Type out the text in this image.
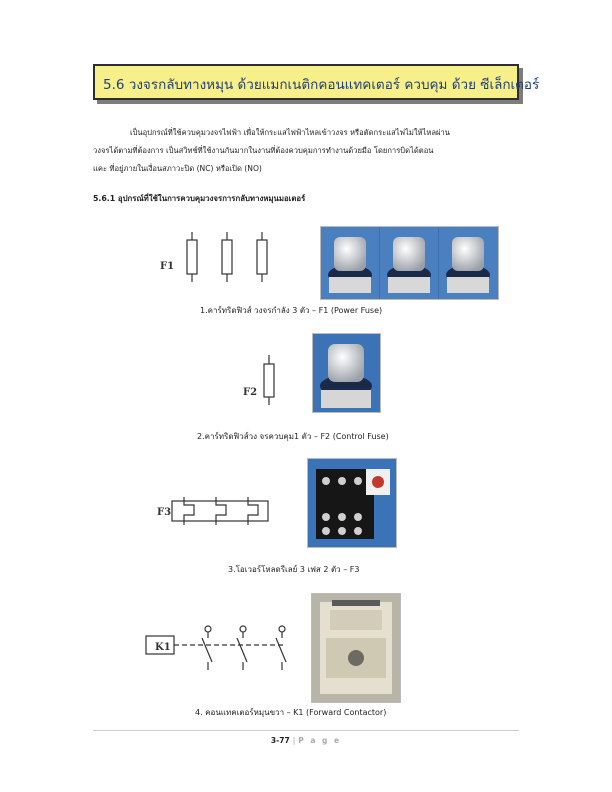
5.6 วงจรกลับทางหมุน ด้วยแมกเนติกคอนแทคเตอร์ ควบคุม ด้วย ซีเล็กเตอร์
เป็นอุปกรณ์ที่ใช้ควบคุมวงจรไฟฟ้า เพื่อให้กระแสไฟฟ้าไหลเข้าวงจร หรือตัดกระแสไฟไม่ให้ไหลผ่าน
วงจรได้ตามที่ต้องการ เป็นสวิทช์ที่ใช้งานกันมากในงานที่ต้องควบคุมการทำงานด้วยมือ โดยการบิดได้ตอน
แคะ ที่อยู่ภายในเงื่อนสภาวะปิด (NC) หรือเปิด (NO)
5.6.1 อุปกรณ์ที่ใช้ในการควบคุมวงจรการกลับทางหมุนมอเตอร์
F1
1.คาร์ทริดฟิวส์ วงจรกำลัง 3 ตัว – F1 (Power Fuse)
F2
2.คาร์ทริดฟิวส์วง จรควบคุม1 ตัว – F2 (Control Fuse)
F3
3.โอเวอร์โหลดรีเลย์ 3 เฟส 2 ตัว – F3
K1
4. คอนแทคเตอร์หมุนขวา – K1 (Forward Contactor)
3-77 | P a g e
